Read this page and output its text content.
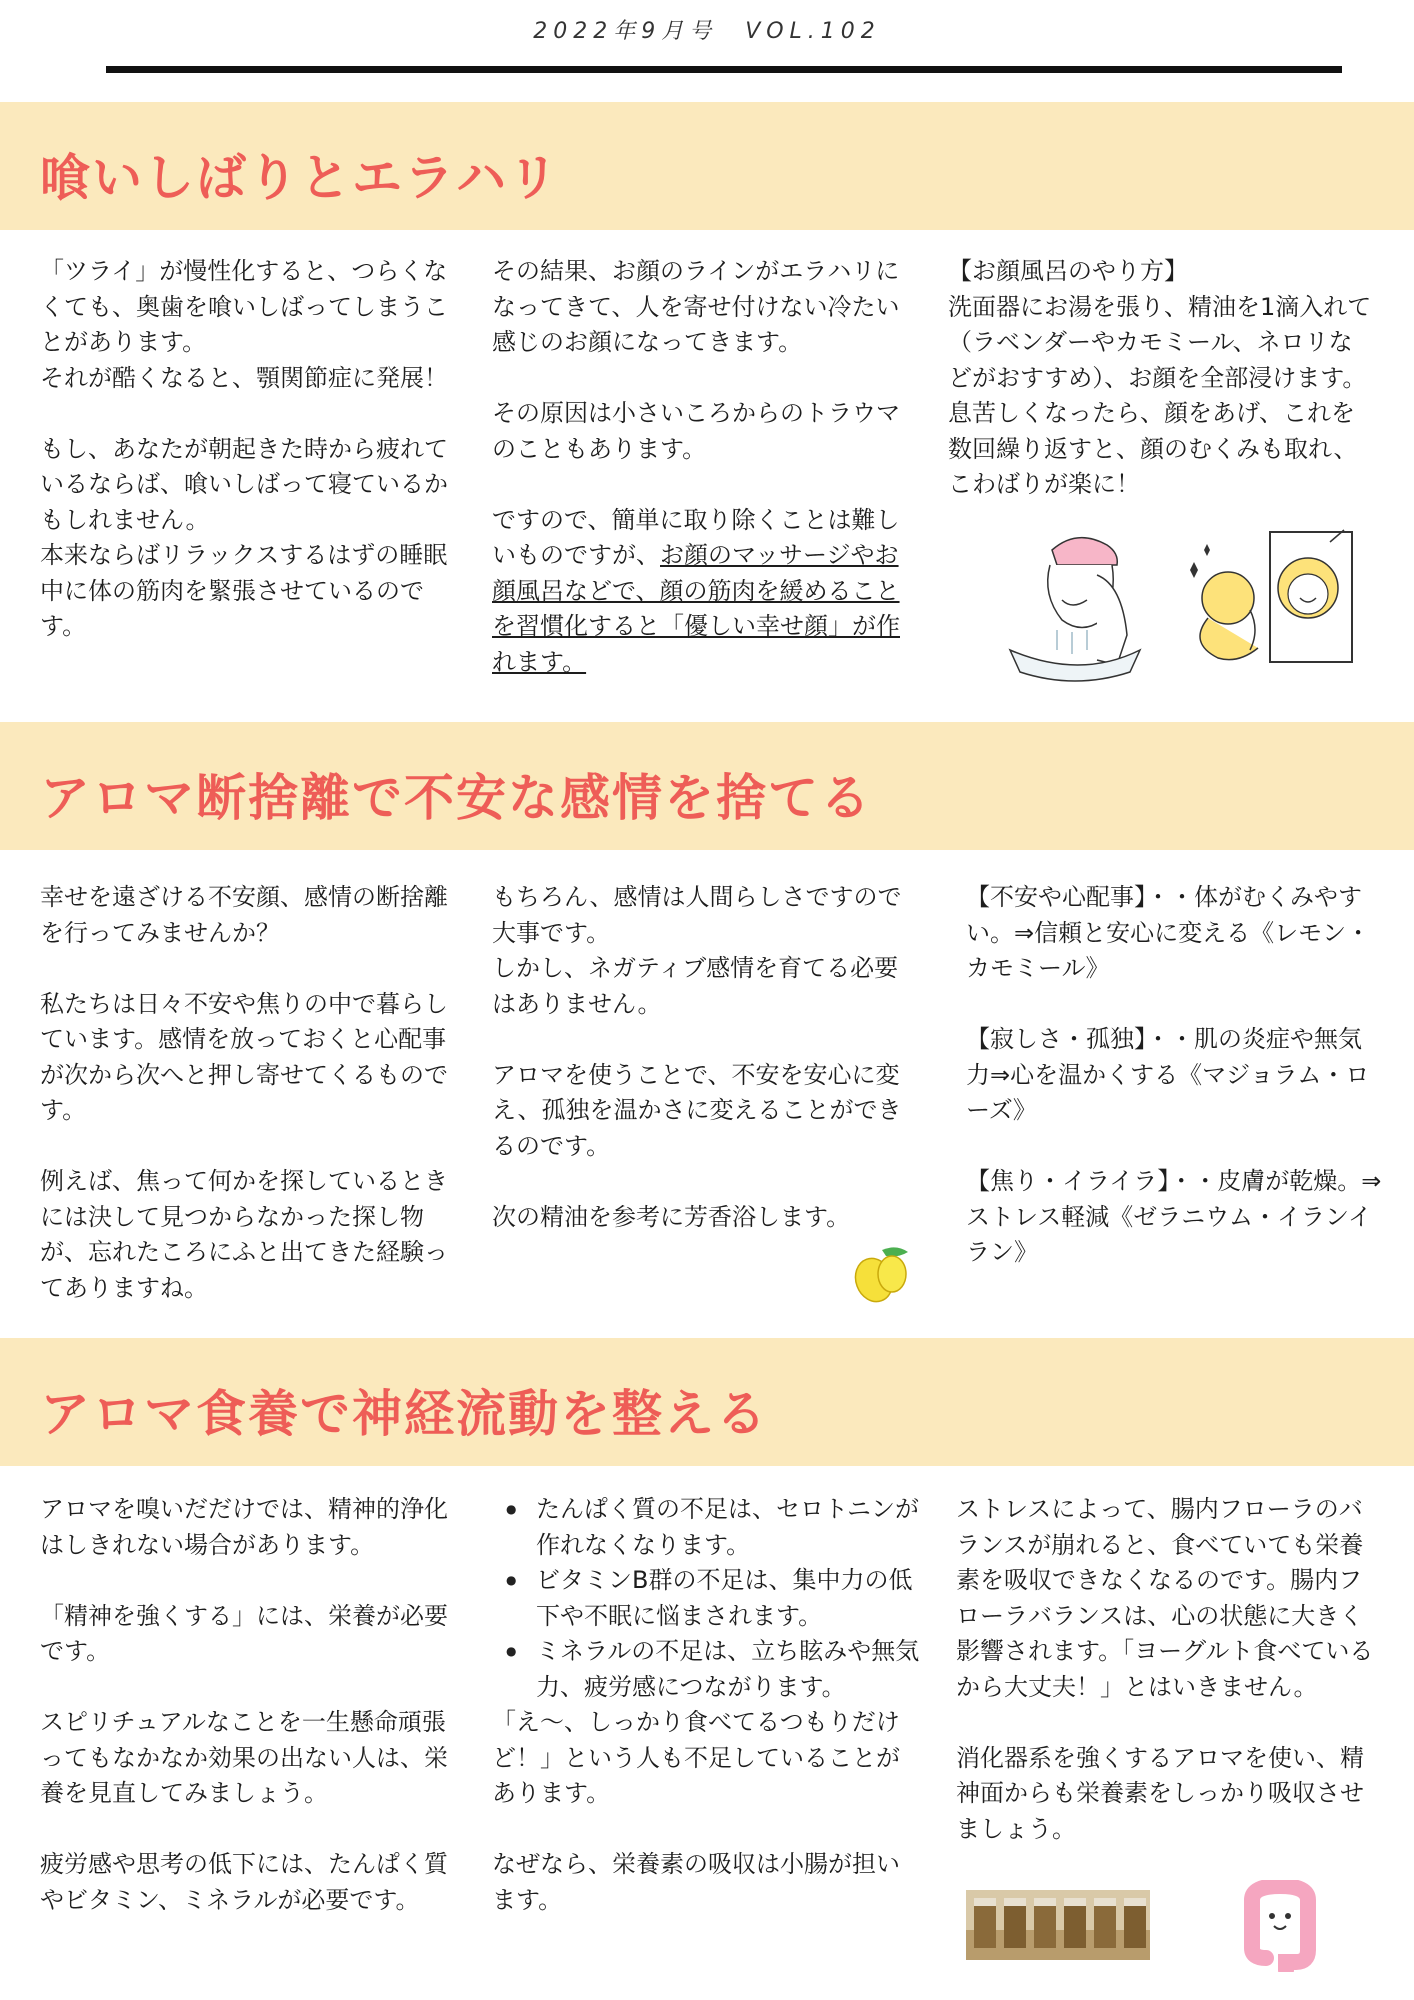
2022年9月号　VOL.102
喰いしばりとエラハリ

「ツライ」が慢性化すると、つらくなくても、奥歯を喰いしばってしまうことがあります。

それが酷くなると、顎関節症に発展！

もし、あなたが朝起きた時から疲れているならば、喰いしばって寝ているかもしれません。

本来ならばリラックスするはずの睡眠中に体の筋肉を緊張させているのです。

その結果、お顔のラインがエラハリになってきて、人を寄せ付けない冷たい感じのお顔になってきます。

その原因は小さいころからのトラウマのこともあります。

ですので、簡単に取り除くことは難しいものですが、お顔のマッサージやお顔風呂などで、顔の筋肉を緩めることを習慣化すると「優しい幸せ顔」が作れます。

【お顔風呂のやり方】

洗面器にお湯を張り、精油を1滴入れて（ラベンダーやカモミール、ネロリなどがおすすめ）、お顔を全部浸けます。息苦しくなったら、顔をあげ、これを数回繰り返すと、顔のむくみも取れ、こわばりが楽に！

アロマ断捨離で不安な感情を捨てる

幸せを遠ざける不安顔、感情の断捨離を行ってみませんか？

私たちは日々不安や焦りの中で暮らしています。感情を放っておくと心配事が次から次へと押し寄せてくるものです。

例えば、焦って何かを探しているときには決して見つからなかった探し物が、忘れたころにふと出てきた経験ってありますね。

もちろん、感情は人間らしさですので大事です。

しかし、ネガティブ感情を育てる必要はありません。

アロマを使うことで、不安を安心に変え、孤独を温かさに変えることができるのです。

次の精油を参考に芳香浴します。

【不安や心配事】・・体がむくみやすい。⇒信頼と安心に変える《レモン・カモミール》

【寂しさ・孤独】・・肌の炎症や無気力⇒心を温かくする《マジョラム・ローズ》

【焦り・イライラ】・・皮膚が乾燥。⇒ストレス軽減《ゼラニウム・イランイラン》

アロマ食養で神経流動を整える

アロマを嗅いだだけでは、精神的浄化はしきれない場合があります。

「精神を強くする」には、栄養が必要です。

スピリチュアルなことを一生懸命頑張ってもなかなか効果の出ない人は、栄養を見直してみましょう。

疲労感や思考の低下には、たんぱく質やビタミン、ミネラルが必要です。

● たんぱく質の不足は、セロトニンが作れなくなります。
● ビタミンB群の不足は、集中力の低下や不眠に悩まされます。
● ミネラルの不足は、立ち眩みや無気力、疲労感につながります。

「え～、しっかり食べてるつもりだけど！」という人も不足していることがあります。

なぜなら、栄養素の吸収は小腸が担います。

ストレスによって、腸内フローラのバランスが崩れると、食べていても栄養素を吸収できなくなるのです。腸内フローラバランスは、心の状態に大きく影響されます。「ヨーグルト食べているから大丈夫！」とはいきません。

消化器系を強くするアロマを使い、精神面からも栄養素をしっかり吸収させましょう。
